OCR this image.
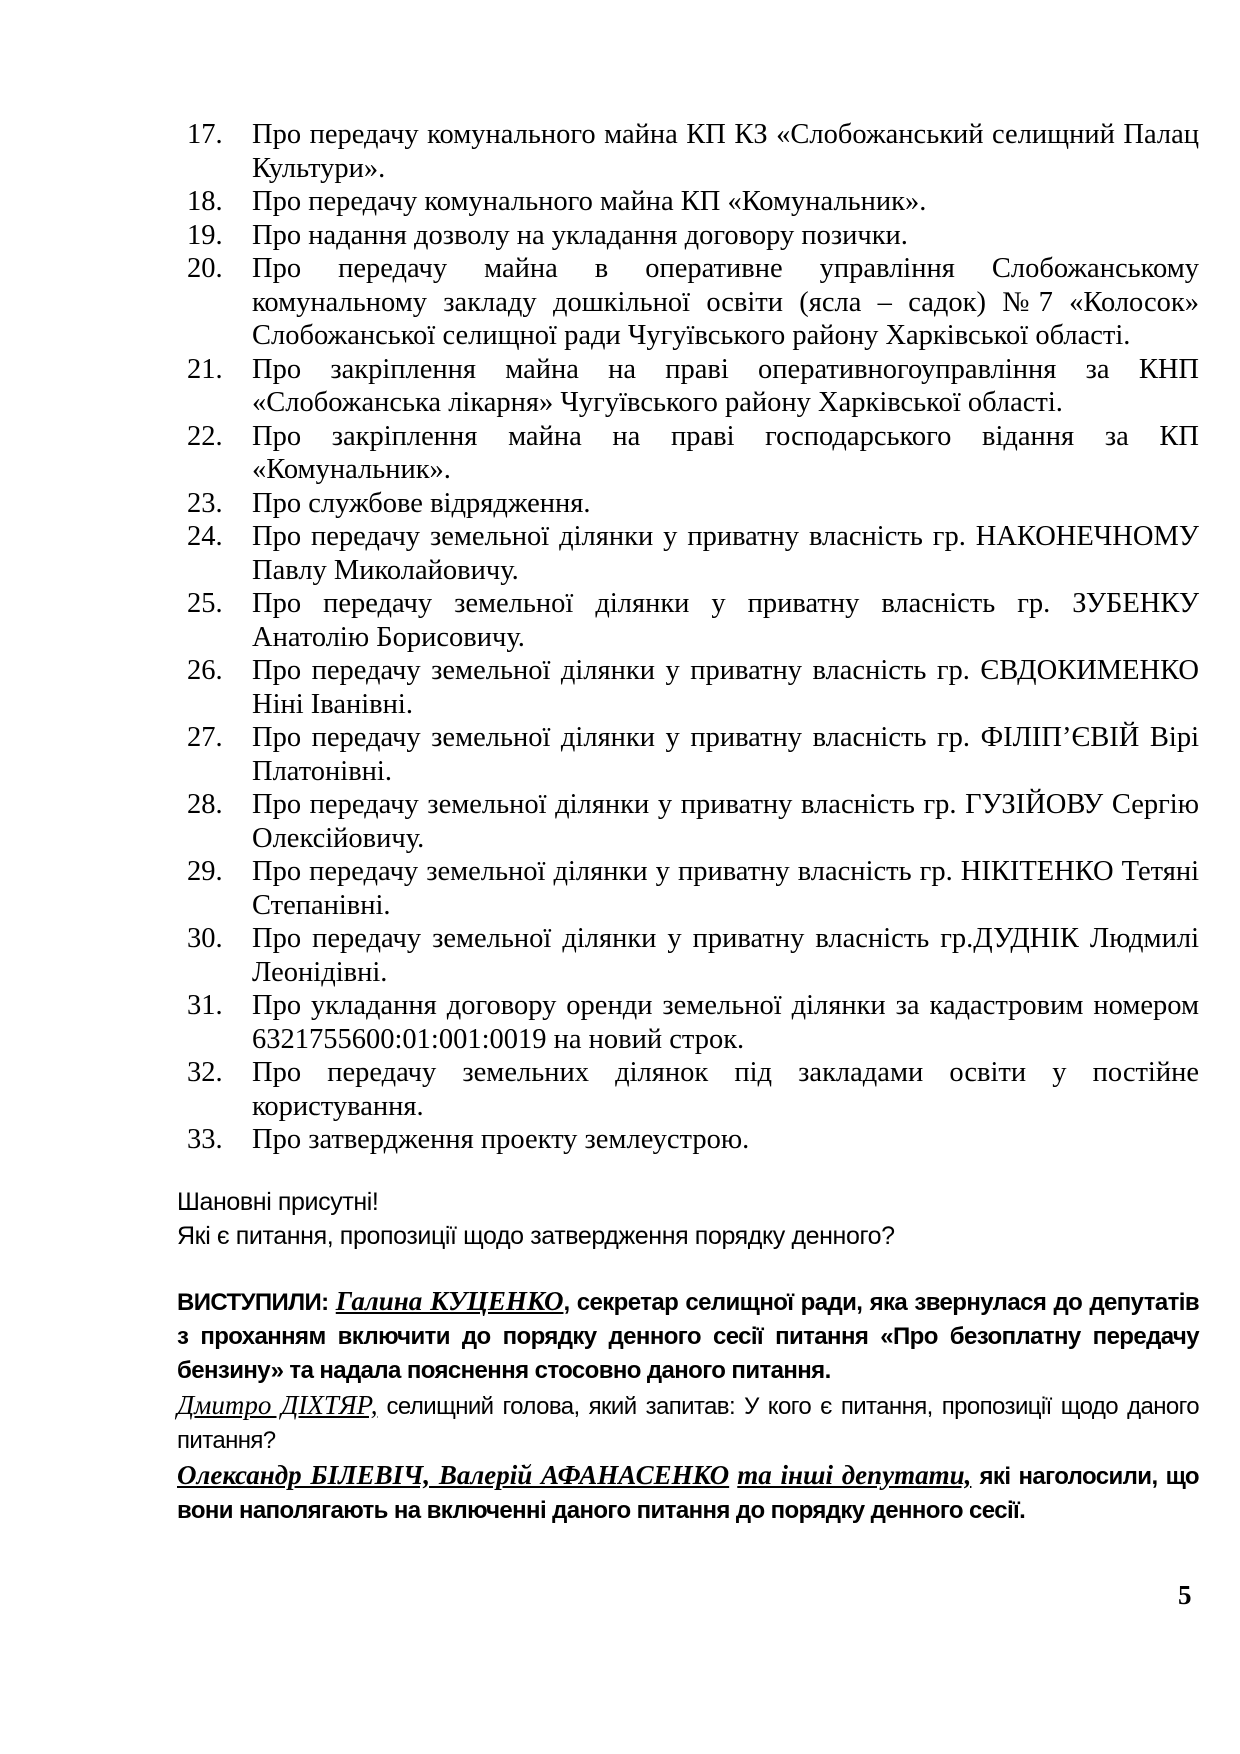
17. Про передачу комунального майна КП КЗ «Слобожанський селищний Палац Культури».
18. Про передачу комунального майна КП «Комунальник».
19. Про надання дозволу на укладання договору позички.
20. Про передачу майна в оперативне управління Слобожанському комунальному закладу дошкільної освіти (ясла – садок) №7 «Колосок» Слобожанської селищної ради Чугуївського району Харківської області.
21. Про закріплення майна на праві оперативногоуправління за КНП «Слобожанська лікарня» Чугуївського району Харківської області.
22. Про закріплення майна на праві господарського відання за КП «Комунальник».
23. Про службове відрядження.
24. Про передачу земельної ділянки у приватну власність гр. НАКОНЕЧНОМУ Павлу Миколайовичу.
25. Про передачу земельної ділянки у приватну власність гр. ЗУБЕНКУ Анатолію Борисовичу.
26. Про передачу земельної ділянки у приватну власність гр. ЄВДОКИМЕНКО Ніні Іванівні.
27. Про передачу земельної ділянки у приватну власність гр. ФІЛІП’ЄВІЙ Вірі Платонівні.
28. Про передачу земельної ділянки у приватну власність гр. ГУЗІЙОВУ Сергію Олексійовичу.
29. Про передачу земельної ділянки у приватну власність гр. НІКІТЕНКО Тетяні Степанівні.
30. Про передачу земельної ділянки у приватну власність гр.ДУДНІК Людмилі Леонідівні.
31. Про укладання договору оренди земельної ділянки за кадастровим номером 6321755600:01:001:0019 на новий строк.
32. Про передачу земельних ділянок під закладами освіти у постійне користування.
33. Про затвердження проекту землеустрою.
Шановні присутні!
Які є питання, пропозиції щодо затвердження порядку денного?
ВИСТУПИЛИ: Галина КУЦЕНКО, секретар селищної ради, яка звернулася до депутатів з проханням включити до порядку денного сесії питання «Про безоплатну передачу бензину» та надала пояснення стосовно даного питання.
Дмитро ДІХТЯР, селищний голова, який запитав: У кого є питання, пропозиції щодо даного питання?
Олександр БІЛЕВІЧ, Валерій АФАНАСЕНКО та інші депутати, які наголосили, що вони наполягають на включенні даного питання до порядку денного сесії.
5
